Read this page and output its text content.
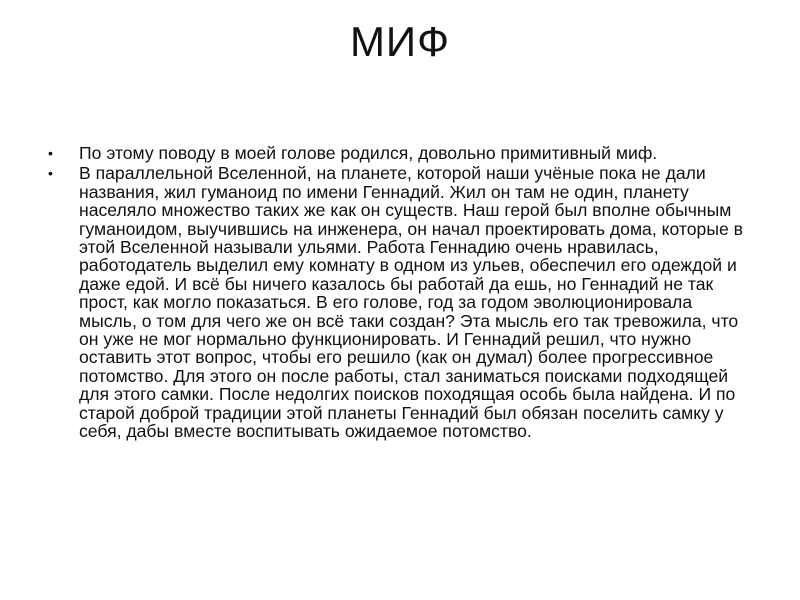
МИФ
•	По этому поводу в моей голове родился, довольно примитивный миф.
•	В параллельной Вселенной, на планете, которой наши учёные пока не дали названия, жил гуманоид по имени Геннадий. Жил он там не один, планету населяло множество таких же как он существ. Наш герой был вполне обычным гуманоидом, выучившись на инженера, он начал проектировать дома, которые в этой Вселенной называли ульями. Работа Геннадию очень нравилась, работодатель выделил ему комнату в одном из ульев, обеспечил его одеждой и даже едой. И всё бы ничего казалось бы работай да ешь, но Геннадий не так прост, как могло показаться. В его голове, год за годом эволюционировала мысль, о том для чего же он всё таки создан? Эта мысль его так тревожила, что он уже не мог нормально функционировать. И Геннадий решил, что нужно оставить этот вопрос, чтобы его решило (как он думал) более прогрессивное потомство. Для этого он после работы, стал заниматься поисками подходящей для этого самки. После недолгих поисков походящая особь была найдена. И по старой доброй традиции этой планеты Геннадий был обязан поселить самку у себя, дабы вместе воспитывать ожидаемое потомство.
